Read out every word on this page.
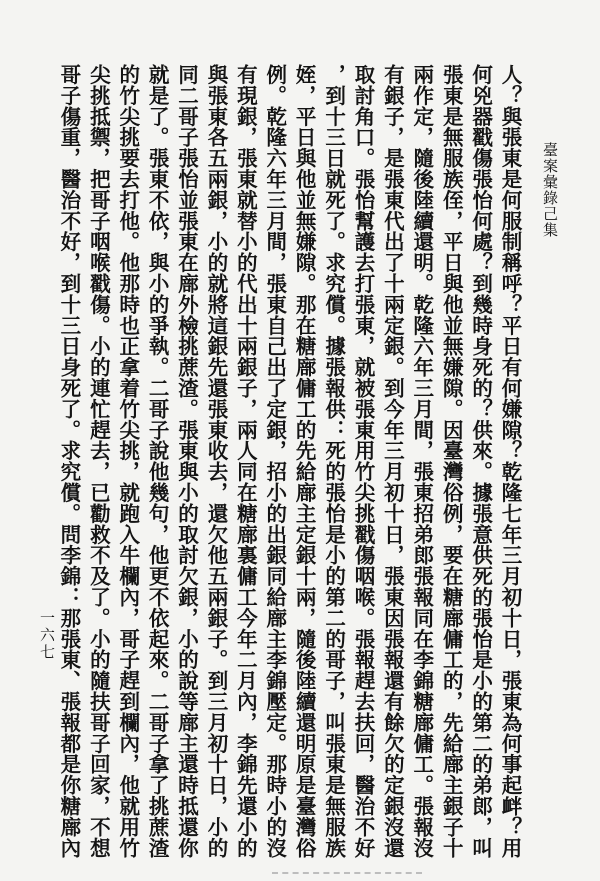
臺案彙錄己集
人？與張東是何服制稱呼？平日有何嫌隙？乾隆七年三月初十日，張東為何事起衅？用
何兇器戳傷張怡何處？到幾時身死的？供來。據張意供死的張怡是小的第二的弟郎，叫
張東是無服族侄，平日與他並無嫌隙。因臺灣俗例，要在糖廍傭工的，先給廍主銀子十
兩作定，隨後陸續還明。乾隆六年三月間，張東招弟郎張報同在李錦糖廍傭工。張報沒
有銀子，是張東代出了十兩定銀。到今年三月初十日，張東因張報還有餘欠的定銀沒還
取討角口。張怡幫護去打張東，就被張東用竹尖挑戳傷咽喉。張報趕去扶回，醫治不好
，到十三日就死了。求究償。據張報供：死的張怡是小的第二的哥子，叫張東是無服族
姪，平日與他並無嫌隙。那在糖廍傭工的先給廍主定銀十兩，隨後陸續還明原是臺灣俗
例。乾隆六年三月間，張東自己出了定銀，招小的出銀同給廍主李錦壓定。那時小的沒
有現銀，張東就替小的代出十兩銀子，兩人同在糖廍裏傭工今年二月內，李錦先還小的
與張東各五兩銀，小的就將這銀先還張東收去，還欠他五兩銀子。到三月初十日，小的
同二哥子張怡並張東在廍外檢挑蔗渣。張東與小的取討欠銀，小的說等廍主還時抵還你
就是了。張東不依，與小的爭執。二哥子說他幾句，他更不依起來。二哥子拿了挑蔗渣
的竹尖挑要去打他。他那時也正拿着竹尖挑，就跑入牛欄內，哥子趕到欄內，他就用竹
尖挑抵禦，把哥子咽喉戳傷。小的連忙趕去，已勸救不及了。小的隨扶哥子回家，不想
哥子傷重，醫治不好，到十三日身死了。求究償。問李錦：那張東、張報都是你糖廍內
一六七
